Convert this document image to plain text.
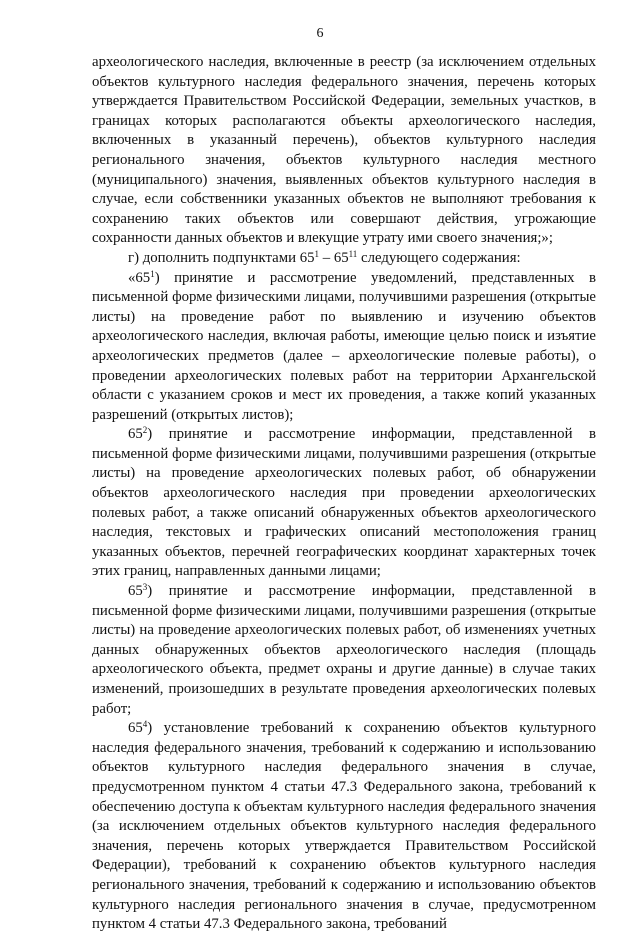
6

археологического наследия, включенные в реестр (за исключением отдельных объектов культурного наследия федерального значения, перечень которых утверждается Правительством Российской Федерации, земельных участков, в границах которых располагаются объекты археологического наследия, включенных в указанный перечень), объектов культурного наследия регионального значения, объектов культурного наследия местного (муниципального) значения, выявленных объектов культурного наследия в случае, если собственники указанных объектов не выполняют требования к сохранению таких объектов или совершают действия, угрожающие сохранности данных объектов и влекущие утрату ими своего значения;»;

г) дополнить подпунктами $65^1 - 65^{11}$ следующего содержания:

«$65^1$) принятие и рассмотрение уведомлений, представленных в письменной форме физическими лицами, получившими разрешения (открытые листы) на проведение работ по выявлению и изучению объектов археологического наследия, включая работы, имеющие целью поиск и изъятие археологических предметов (далее – археологические полевые работы), о проведении археологических полевых работ на территории Архангельской области с указанием сроков и мест их проведения, а также копий указанных разрешений (открытых листов);

$65^2$) принятие и рассмотрение информации, представленной в письменной форме физическими лицами, получившими разрешения (открытые листы) на проведение археологических полевых работ, об обнаружении объектов археологического наследия при проведении археологических полевых работ, а также описаний обнаруженных объектов археологического наследия, текстовых и графических описаний местоположения границ указанных объектов, перечней географических координат характерных точек этих границ, направленных данными лицами;

$65^3$) принятие и рассмотрение информации, представленной в письменной форме физическими лицами, получившими разрешения (открытые листы) на проведение археологических полевых работ, об изменениях учетных данных обнаруженных объектов археологического наследия (площадь археологического объекта, предмет охраны и другие данные) в случае таких изменений, произошедших в результате проведения археологических полевых работ;

$65^4$) установление требований к сохранению объектов культурного наследия федерального значения, требований к содержанию и использованию объектов культурного наследия федерального значения в случае, предусмотренном пунктом 4 статьи 47.3 Федерального закона, требований к обеспечению доступа к объектам культурного наследия федерального значения (за исключением отдельных объектов культурного наследия федерального значения, перечень которых утверждается Правительством Российской Федерации), требований к сохранению объектов культурного наследия регионального значения, требований к содержанию и использованию объектов культурного наследия регионального значения в случае, предусмотренном пунктом 4 статьи 47.3 Федерального закона, требований
